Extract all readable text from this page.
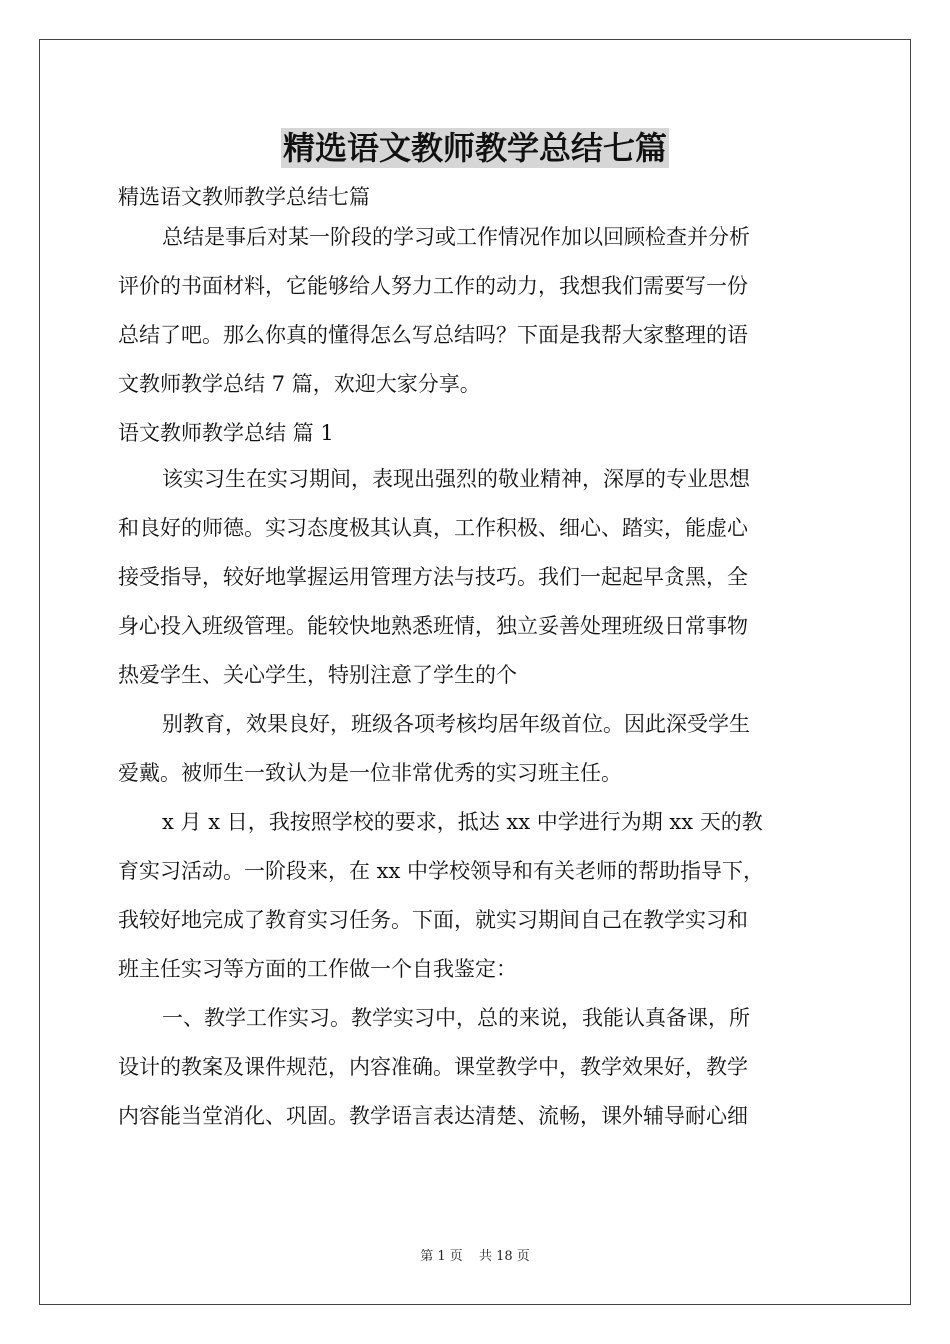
精选语文教师教学总结七篇
精选语文教师教学总结七篇
总结是事后对某一阶段的学习或工作情况作加以回顾检查并分析
评价的书面材料，它能够给人努力工作的动力，我想我们需要写一份
总结了吧。那么你真的懂得怎么写总结吗？下面是我帮大家整理的语
文教师教学总结 7 篇，欢迎大家分享。
语文教师教学总结 篇 1
该实习生在实习期间，表现出强烈的敬业精神，深厚的专业思想
和良好的师德。实习态度极其认真，工作积极、细心、踏实，能虚心
接受指导，较好地掌握运用管理方法与技巧。我们一起起早贪黑，全
身心投入班级管理。能较快地熟悉班情，独立妥善处理班级日常事物
热爱学生、关心学生，特别注意了学生的个
别教育，效果良好，班级各项考核均居年级首位。因此深受学生
爱戴。被师生一致认为是一位非常优秀的实习班主任。
x 月 x 日，我按照学校的要求，抵达 xx 中学进行为期 xx 天的教
育实习活动。一阶段来，在 xx 中学校领导和有关老师的帮助指导下，
我较好地完成了教育实习任务。下面，就实习期间自己在教学实习和
班主任实习等方面的工作做一个自我鉴定：
一、教学工作实习。教学实习中，总的来说，我能认真备课，所
设计的教案及课件规范，内容准确。课堂教学中，教学效果好，教学
内容能当堂消化、巩固。教学语言表达清楚、流畅，课外辅导耐心细
第 1 页 共 18 页
